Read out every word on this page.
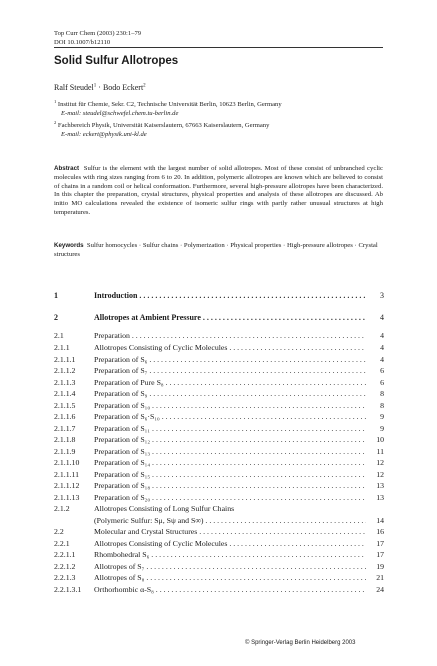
Top Curr Chem (2003) 230:1–79
DOI 10.1007/b12110
Solid Sulfur Allotropes
Ralf Steudel$^1$ · Bodo Eckert$^2$
$^1$ Institut für Chemie, Sekr. C2, Technische Universität Berlin, 10623 Berlin, Germany
E-mail: steudel@schwefel.chem.tu-berlin.de
$^2$ Fachbereich Physik, Universität Kaiserslautern, 67663 Kaiserslautern, Germany
E-mail: eckert@physik.uni-kl.de
Abstract Sulfur is the element with the largest number of solid allotropes. Most of these consist of unbranched cyclic molecules with ring sizes ranging from 6 to 20. In addition, polymeric allotropes are known which are believed to consist of chains in a random coil or helical conformation. Furthermore, several high-pressure allotropes have been characterized. In this chapter the preparation, crystal structures, physical properties and analysis of these allotropes are discussed. Ab initio MO calculations revealed the existence of isomeric sulfur rings with partly rather unusual structures at high temperatures.
Keywords Sulfur homocycles · Sulfur chains · Polymerization · Physical properties · High-pressure allotropes · Crystal structures
1	Introduction . . .	3
2	Allotropes at Ambient Pressure . . .	4
2.1	Preparation . . .	4
2.1.1	Allotropes Consisting of Cyclic Molecules . . .	4
2.1.1.1 Preparation of S₆ . . .	4
2.1.1.2 Preparation of S₇ . . .	6
2.1.1.3 Preparation of Pure S₈ . . .	6
2.1.1.4 Preparation of S₉ . . .	8
2.1.1.5 Preparation of S₁₀ . . .	8
2.1.1.6 Preparation of S₆·S₁₀ . . .	9
2.1.1.7 Preparation of S₁₁ . . .	9
2.1.1.8 Preparation of S₁₂ . . .	10
2.1.1.9 Preparation of S₁₃ . . .	11
2.1.1.10 Preparation of S₁₄ . . .	12
2.1.1.11 Preparation of S₁₅ . . .	12
2.1.1.12 Preparation of S₁₈ . . .	13
2.1.1.13 Preparation of S₂₀ . . .	13
2.1.2	Allotropes Consisting of Long Sulfur Chains
(Polymeric Sulfur: Sμ, Sψ and S∞) . . .	14
2.2	Molecular and Crystal Structures . . .	16
2.2.1	Allotropes Consisting of Cyclic Molecules . . .	17
2.2.1.1 Rhombohedral S₆ . . .	17
2.2.1.2 Allotropes of S₇ . . .	19
2.2.1.3 Allotropes of S₈ . . .	21
2.2.1.3.1 Orthorhombic α-S₈ . . .	24
© Springer-Verlag Berlin Heidelberg 2003
